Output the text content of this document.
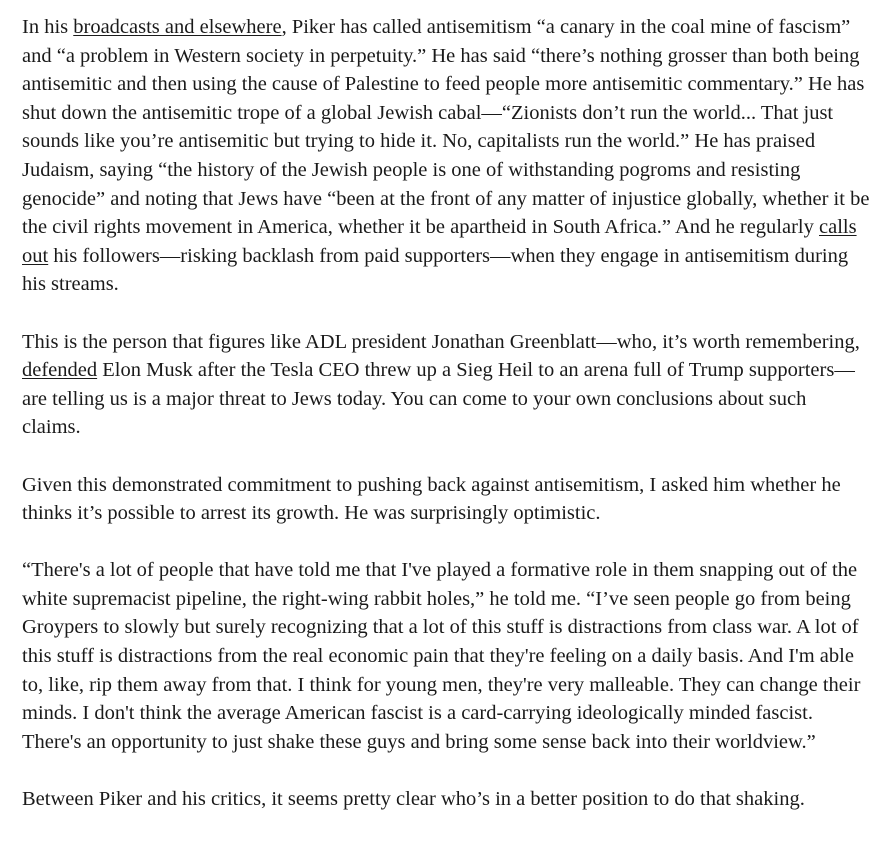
In his broadcasts and elsewhere, Piker has called antisemitism “a canary in the coal mine of fascism” and “a problem in Western society in perpetuity.” He has said “there’s nothing grosser than both being antisemitic and then using the cause of Palestine to feed people more antisemitic commentary.” He has shut down the antisemitic trope of a global Jewish cabal—“Zionists don’t run the world... That just sounds like you’re antisemitic but trying to hide it. No, capitalists run the world.” He has praised Judaism, saying “the history of the Jewish people is one of withstanding pogroms and resisting genocide” and noting that Jews have “been at the front of any matter of injustice globally, whether it be the civil rights movement in America, whether it be apartheid in South Africa.” And he regularly calls out his followers—risking backlash from paid supporters—when they engage in antisemitism during his streams.

This is the person that figures like ADL president Jonathan Greenblatt—who, it’s worth remembering, defended Elon Musk after the Tesla CEO threw up a Sieg Heil to an arena full of Trump supporters—are telling us is a major threat to Jews today. You can come to your own conclusions about such claims.

Given this demonstrated commitment to pushing back against antisemitism, I asked him whether he thinks it’s possible to arrest its growth. He was surprisingly optimistic.

“There's a lot of people that have told me that I've played a formative role in them snapping out of the white supremacist pipeline, the right-wing rabbit holes,” he told me. “I’ve seen people go from being Groypers to slowly but surely recognizing that a lot of this stuff is distractions from class war. A lot of this stuff is distractions from the real economic pain that they're feeling on a daily basis. And I'm able to, like, rip them away from that. I think for young men, they're very malleable. They can change their minds. I don't think the average American fascist is a card-carrying ideologically minded fascist. There's an opportunity to just shake these guys and bring some sense back into their worldview.”

Between Piker and his critics, it seems pretty clear who’s in a better position to do that shaking.
